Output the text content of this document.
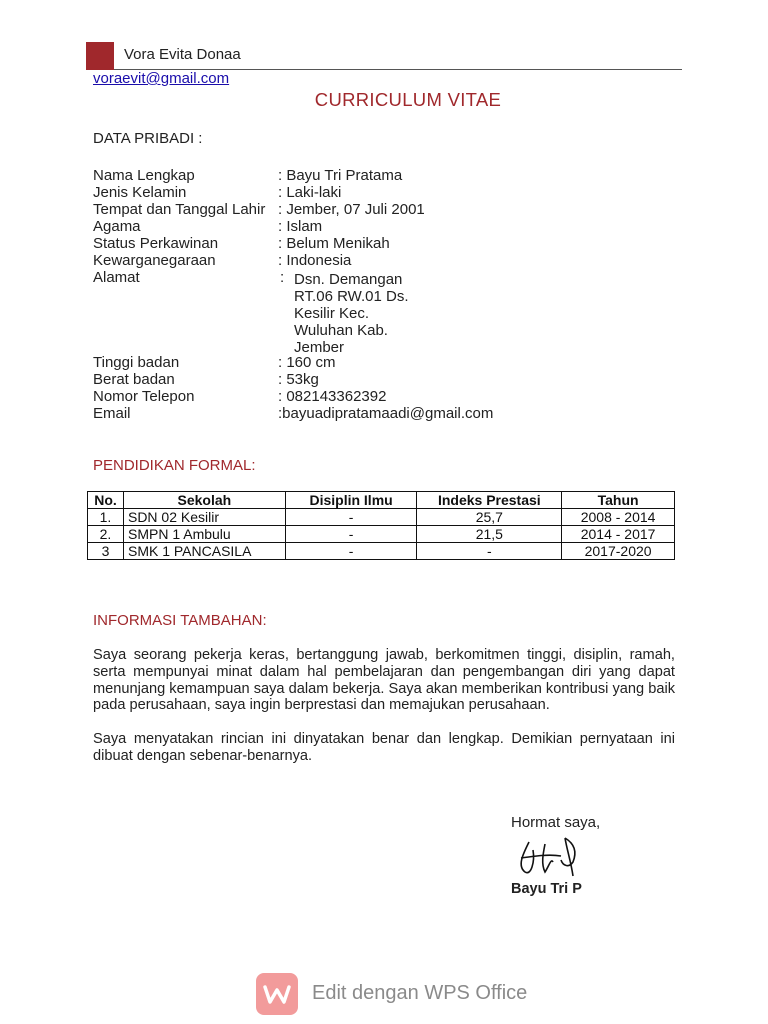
Vora Evita Donaa
voraevit@gmail.com
CURRICULUM VITAE
DATA PRIBADI :
Nama Lengkap	: Bayu Tri Pratama
Jenis Kelamin	: Laki-laki
Tempat dan Tanggal Lahir : Jember, 07 Juli 2001
Agama	: Islam
Status Perkawinan	: Belum Menikah
Kewarganegaraan	: Indonesia
Alamat	: Dsn. Demangan
RT.06 RW.01 Ds.
Kesilir Kec.
Wuluhan Kab.
Jember
Tinggi badan	: 160 cm
Berat badan	: 53kg
Nomor Telepon	: 082143362392
Email	:bayuadipratamaadi@gmail.com
PENDIDIKAN FORMAL:
No.	Sekolah	Disiplin Ilmu	Indeks Prestasi	Tahun
1.	SDN 02 Kesilir	-	25,7	2008 - 2014
2.	SMPN 1 Ambulu	-	21,5	2014 - 2017
3	SMK 1 PANCASILA	-	-	2017-2020
INFORMASI TAMBAHAN:
Saya seorang pekerja keras, bertanggung jawab, berkomitmen tinggi, disiplin, ramah, serta mempunyai minat dalam hal pembelajaran dan pengembangan diri yang dapat menunjang kemampuan saya dalam bekerja. Saya akan memberikan kontribusi yang baik pada perusahaan, saya ingin berprestasi dan memajukan perusahaan.
Saya menyatakan rincian ini dinyatakan benar dan lengkap. Demikian pernyataan ini dibuat dengan sebenar-benarnya.
Hormat saya,
Bayu Tri P
Edit dengan WPS Office
